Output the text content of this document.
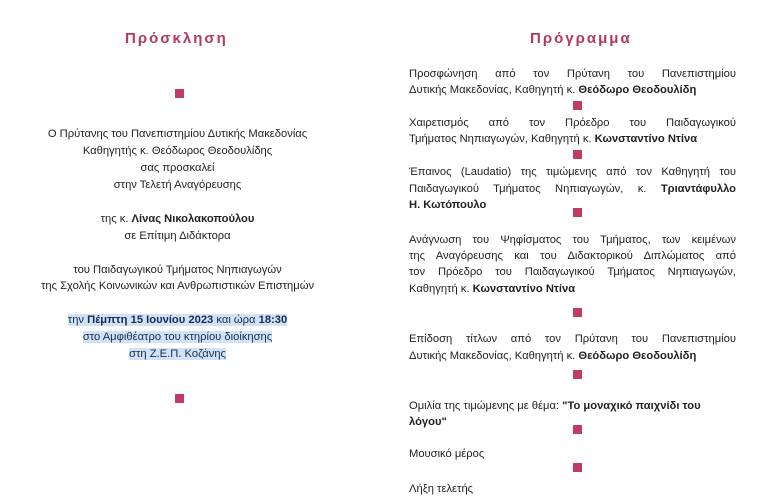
Πρόσκληση
Ο Πρύτανης του Πανεπιστημίου Δυτικής Μακεδονίας
Καθηγητής κ. Θεόδωρος Θεοδουλίδης
σας προσκαλεί
στην Τελετή Αναγόρευσης
της κ. Λίνας Νικολακοπούλου
σε Επίτιμη Διδάκτορα
του Παιδαγωγικού Τμήματος Νηπιαγωγών
της Σχολής Κοινωνικών και Ανθρωπιστικών Επιστημών
την Πέμπτη 15 Ιουνίου 2023 και ώρα 18:30
στο Αμφιθέατρο του κτηρίου διοίκησης
στη Ζ.Ε.Π. Κοζάνης
Πρόγραμμα
Προσφώνηση από τον Πρύτανη του Πανεπιστημίου
Δυτικής Μακεδονίας, Καθηγητή κ. Θεόδωρο Θεοδουλίδη
Χαιρετισμός από τον Πρόεδρο του Παιδαγωγικού
Τμήματος Νηπιαγωγών, Καθηγητή κ. Κωνσταντίνο Ντίνα
Έπαινος (Laudatio) της τιμώμενης από τον Καθηγητή του
Παιδαγωγικού Τμήματος Νηπιαγωγών, κ. Τριαντάφυλλο
Η. Κωτόπουλο
Ανάγνωση του Ψηφίσματος του Τμήματος, των κειμένων
της Αναγόρευσης και του Διδακτορικού Διπλώματος από
τον Πρόεδρο του Παιδαγωγικού Τμήματος Νηπιαγωγών,
Καθηγητή κ. Κωνσταντίνο Ντίνα
Επίδοση τίτλων από τον Πρύτανη του Πανεπιστημίου
Δυτικής Μακεδονίας, Καθηγητή κ. Θεόδωρο Θεοδουλίδη
Ομιλία της τιμώμενης με θέμα: "Το μοναχικό παιχνίδι του
λόγου"
Μουσικό μέρος
Λήξη τελετής
